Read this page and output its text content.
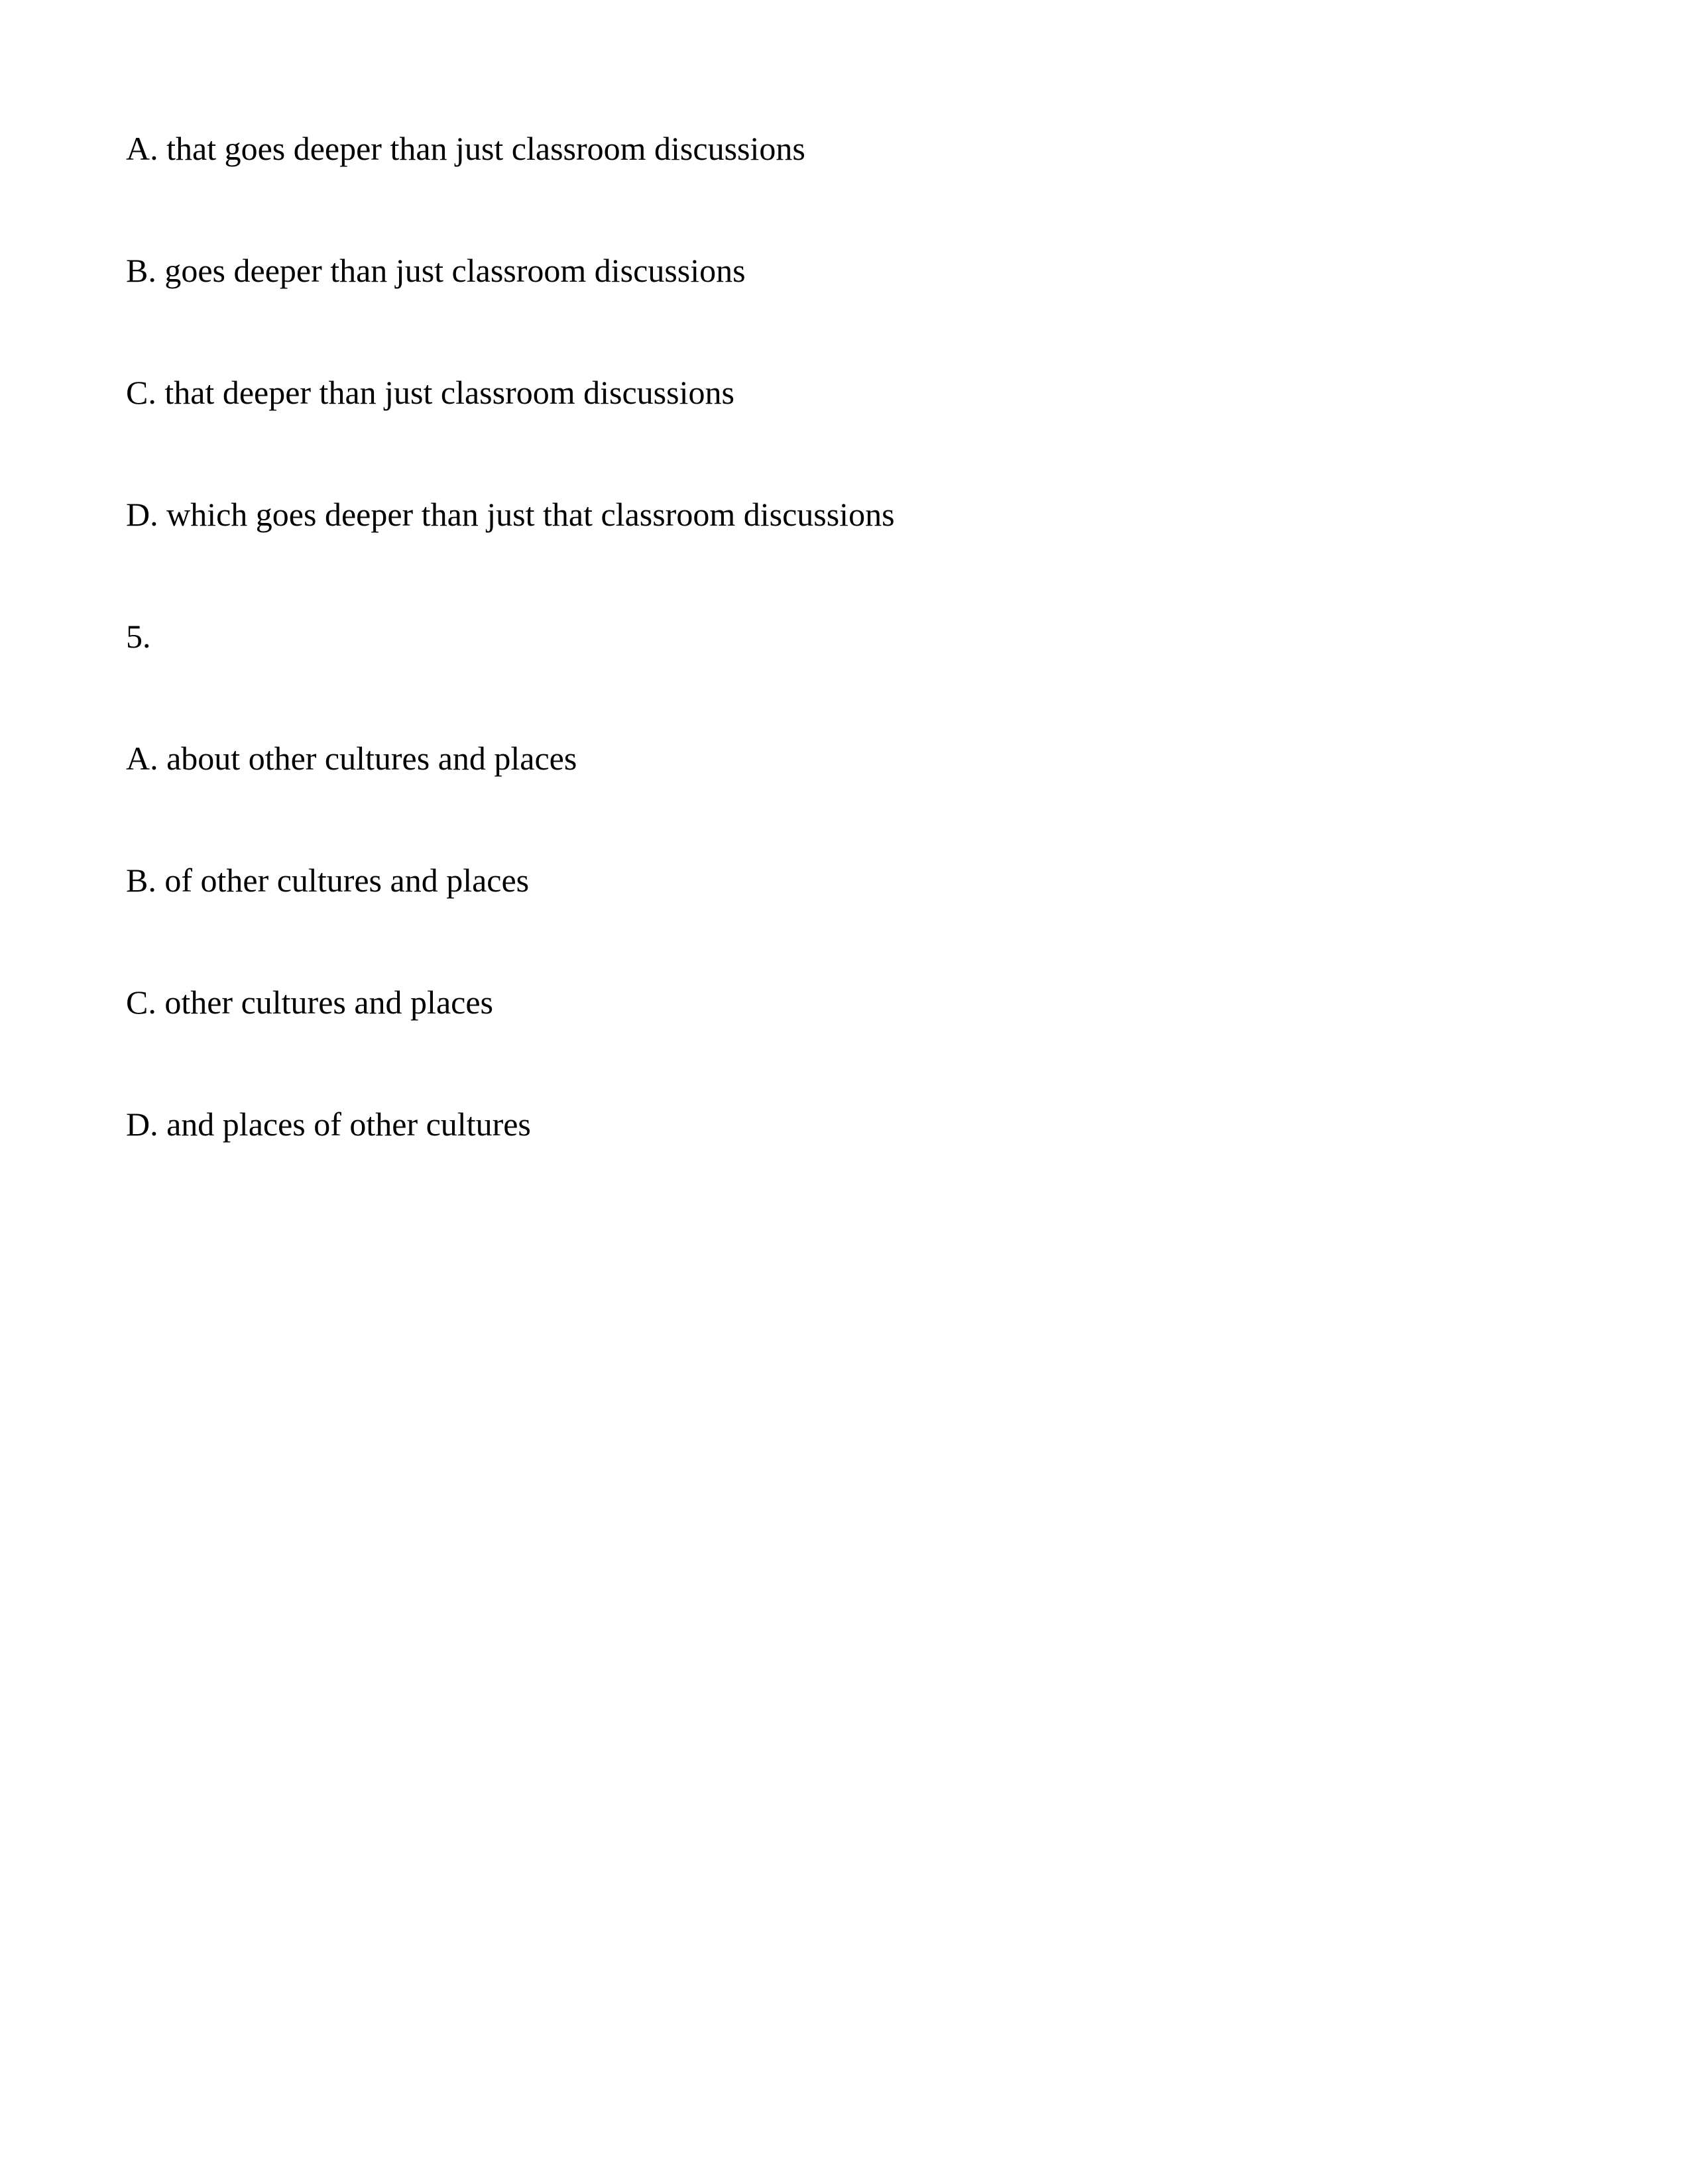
A. that goes deeper than just classroom discussions

B. goes deeper than just classroom discussions

C. that deeper than just classroom discussions

D. which goes deeper than just that classroom discussions

5.

A. about other cultures and places

B. of other cultures and places

C. other cultures and places

D. and places of other cultures
